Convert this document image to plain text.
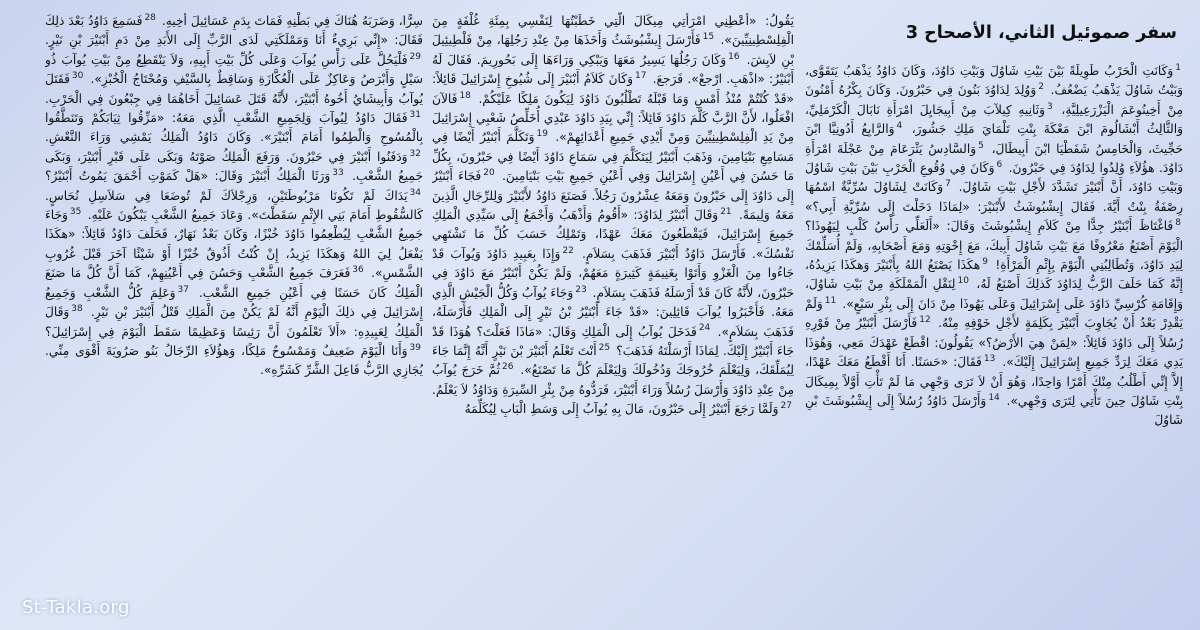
سفر صموئيل الثاني، الأصحاح 3
$^1$وَكَانَتِ الْحَرْبُ طَوِيلَةً بَيْنَ بَيْتِ شَاوُلَ وَبَيْتِ دَاوُدَ، وَكَانَ دَاوُدُ يَذْهَبُ يَتَقَوَّى، وَبَيْتُ شَاوُلَ يَذْهَبُ يَضْعُفُ. $^2$وَوُلِدَ لِدَاوُدَ بَنُونَ فِي حَبْرُونَ. وَكَانَ بِكْرُهُ أَمْنُونَ مِنْ أَخِينُوعَمَ الْيَزْرَعِيلِيَّةِ، $^3$وَثَانِيهِ كِيلآبَ مِنْ أَبِيجَايِلَ امْرَأَةِ نَابَالَ الْكَرْمَلِيِّ، وَالثَّالِثُ أَبْشَالُومَ ابْنَ مَعْكَةَ بِنْتِ تَلْمَايَ مَلِكِ جَشُورَ، $^4$وَالرَّابِعُ أَدُونِيَّا ابْنَ حَجِّيثَ، وَالْخَامِسُ شَفَطْيَا ابْنَ أَبِيطَالَ، $^5$وَالسَّادِسُ يَثْرَعَامَ مِنْ عَجْلَةَ امْرَأَةِ دَاوُدَ. هؤُلاَءِ وُلِدُوا لِدَاوُدَ فِي حَبْرُونَ. $^6$وَكَانَ فِي وُقُوعِ الْحَرْبِ بَيْنَ بَيْتِ شَاوُلَ وَبَيْتِ دَاوُدَ، أَنَّ أَبْنَيْرَ تَشَدَّدَ لأَجْلِ بَيْتِ شَاوُلَ. $^7$وَكَانَتْ لِشَاوُلَ سُرِّيَّةٌ اسْمُهَا رِصْفَةُ بِنْتُ أَيَّةَ. فَقَالَ إِيشْبُوشَثُ لأَبْنَيْرَ: «لِمَاذَا دَخَلْتَ إِلَى سُرِّيَّةِ أَبِي؟» $^8$فَاغْتَاظَ أَبْنَيْرُ جِدًّا مِنْ كَلاَمِ إِيشْبُوشَثَ وَقَالَ: «أَلَعَلِّي رَأْسُ كَلْبٍ لِيَهُوذَا؟ الْيَوْمَ أَصْنَعُ مَعْرُوفًا مَعَ بَيْتِ شَاوُلَ أَبِيكَ، مَعَ إِخْوَتِهِ وَمَعَ أَصْحَابِهِ، وَلَمْ أُسَلِّمْكَ لِيَدِ دَاوُدَ، وَتُطَالِبُنِي الْيَوْمَ بِإِثْمِ الْمَرْأَةِ! $^9$هكَذَا يَصْنَعُ اللهُ بِأَبْنَيْرَ وَهكَذَا يَزِيدُهُ، إِنَّهُ كَمَا حَلَفَ الرَّبُّ لِدَاوُدَ كَذلِكَ أَصْنَعُ لَهُ، $^{10}$لِنَقْلِ الْمَمْلَكَةِ مِنْ بَيْتِ شَاوُلَ، وَإِقَامَةِ كُرْسِيِّ دَاوُدَ عَلَى إِسْرَائِيلَ وَعَلَى يَهُوذَا مِنْ دَانَ إِلَى بِئْرِ سَبْعٍ». $^{11}$وَلَمْ يَقْدِرْ بَعْدُ أَنْ يُجَاوِبَ أَبْنَيْرَ بِكَلِمَةٍ لأَجْلِ خَوْفِهِ مِنْهُ. $^{12}$فَأَرْسَلَ أَبْنَيْرُ مِنْ فَوْرِهِ رُسُلاً إِلَى دَاوُدَ قَائِلاً: «لِمَنْ هِيَ الأَرْضُ؟» يَقُولُونَ: اقْطَعْ عَهْدَكَ مَعِي، وَهُوَذَا يَدِي مَعَكَ لِرَدِّ جَمِيعِ إِسْرَائِيلَ إِلَيْكَ». $^{13}$فَقَالَ: «حَسَنًا. أَنَا أَقْطَعُ مَعَكَ عَهْدًا، إِلاَّ إِنِّي أَطْلُبُ مِنْكَ أَمْرًا وَاحِدًا، وَهُوَ أَنْ لاَ تَرَى وَجْهِي مَا لَمْ تَأْتِ أَوَّلاً بِمِيكَالَ بِنْتِ شَاوُلَ حِينَ تَأْتِي لِتَرَى وَجْهِي». $^{14}$وَأَرْسَلَ دَاوُدُ رُسُلاً إِلَى إِيشْبُوشَثَ بْنِ شَاوُلَ
يَقُولُ: «أَعْطِنِي امْرَأَتِي مِيكَالَ الَّتِي خَطَبْتُهَا لِنَفْسِي بِمِئَةِ غُلْفَةٍ مِنَ الْفِلِسْطِينِيِّينَ». $^{15}$فَأَرْسَلَ إِيشْبُوشَثُ وَأَخَذَهَا مِنْ عِنْدِ رَجُلِهَا، مِنْ فَلْطِيئِيلَ بْنِ لاَيِشَ. $^{16}$وَكَانَ رَجُلُهَا يَسِيرُ مَعَهَا وَيَبْكِي وَرَاءَهَا إِلَى بَحُورِيمَ. فَقَالَ لَهُ أَبْنَيْرُ: «اذْهَبِ. ارْجعْ». فَرَجعَ. $^{17}$وَكَانَ كَلاَمُ أَبْنَيْرَ إِلَى شُيُوخِ إِسْرَائِيلَ قَائِلاً: «قَدْ كُنْتُمْ مُنْذُ أَمْسِ وَمَا قَبْلَهُ تَطْلُبُونَ دَاوُدَ لِيَكُونَ مَلِكًا عَلَيْكُمْ. $^{18}$فَالآنَ افْعَلُوا، لأَنَّ الرَّبَّ كَلَّمَ دَاوُدَ قَائِلاً: إِنِّي بِيَدِ دَاوُدَ عَبْدِي أُخَلِّصُ شَعْبِي إِسْرَائِيلَ مِنْ يَدِ الْفِلِسْطِينِيِّينَ وَمِنْ أَيْدِي جَمِيعِ أَعْدَائِهِمْ». $^{19}$وَتَكَلَّمَ أَبْنَيْرُ أَيْضًا فِي مَسَامِعِ بَنْيَامِينَ، وَذَهَبَ أَبْنَيْرُ لِيَتَكَلَّمَ فِي سَمَاعِ دَاوُدَ أَيْضًا فِي حَبْرُونَ، بِكُلِّ مَا حَسُنَ فِي أَعْيُنِ إِسْرَائِيلَ وَفِي أَعْيُنِ جَمِيعِ بَيْتِ بَنْيَامِينَ. $^{20}$فَجَاءَ أَبْنَيْرُ إِلَى دَاوُدَ إِلَى حَبْرُونَ وَمَعَهُ عِشْرُونَ رَجُلاً. فَصَنَعَ دَاوُدُ لأَبْنَيْرَ وَلِلرِّجَالِ الَّذِينَ مَعَهُ وَلِيمَةً. $^{21}$وَقَالَ أَبْنَيْرُ لِدَاوُدَ: «أَقُومُ وَأَذْهَبُ وَأَجْمَعُ إِلَى سَيِّدِي الْمَلِكِ جَمِيعَ إِسْرَائِيلَ، فَيَقْطَعُونَ مَعَكَ عَهْدًا، وَتَمْلِكُ حَسَبَ كُلِّ مَا تَشْتَهِي نَفْسُكَ». فَأَرْسَلَ دَاوُدُ أَبْنَيْرَ فَذَهَبَ بِسَلاَمٍ. $^{22}$وَإِذَا بِعَبِيدِ دَاوُدَ وَيُوآبَ قَدْ جَاءُوا مِنَ الْغَزْوِ وَأَتَوْا بِغَنِيمَةٍ كَثِيرَةٍ مَعَهُمْ، وَلَمْ يَكُنْ أَبْنَيْرُ مَعَ دَاوُدَ فِي حَبْرُونَ، لأَنَّهُ كَانَ قَدْ أَرْسَلَهُ فَذَهَبَ بِسَلاَمٍ. $^{23}$وَجَاءَ يُوآبُ وَكُلُّ الْجَيْشِ الَّذِي مَعَهُ. فَأَخْبَرُوا يُوآبَ قَائِلِينَ: «قَدْ جَاءَ أَبْنَيْرُ بْنُ نَيْرٍ إِلَى الْمَلِكِ فَأَرْسَلَهُ، فَذَهَبَ بِسَلاَمٍ». $^{24}$فَدَخَلَ يُوآبُ إِلَى الْمَلِكِ وَقَالَ: «مَاذَا فَعَلْتَ؟ هُوَذَا قَدْ جَاءَ أَبْنَيْرُ إِلَيْكَ. لِمَاذَا أَرْسَلْتَهُ فَذَهَبَ؟ $^{25}$أَنْتَ تَعْلَمُ أَبْنَيْرَ بْنَ نَيْرٍ أَنَّهُ إِنَّمَا جَاءَ لِيُمَلِّقَكَ، وَلِيَعْلَمَ خُرُوجَكَ وَدُخُولَكَ وَلِيَعْلَمَ كُلَّ مَا تَصْنَعُ». $^{26}$ثُمَّ خَرَجَ يُوآبُ مِنْ عِنْدِ دَاوُدَ وَأَرْسَلَ رُسُلاً وَرَاءَ أَبْنَيْرَ، فَرَدُّوهُ مِنْ بِئْرِ السِّيرَةِ وَدَاوُدُ لاَ يَعْلَمُ. $^{27}$وَلَمَّا رَجَعَ أَبْنَيْرُ إِلَى حَبْرُونَ، مَالَ بِهِ يُوآبُ إِلَى وَسَطِ الْبَابِ لِيُكَلِّمَهُ
سِرًّا، وَضَرَبَهُ هُنَاكَ فِي بَطْنِهِ فَمَاتَ بِدَمِ عَسَائِيلَ أَخِيهِ. $^{28}$فَسَمِعَ دَاوُدُ بَعْدَ ذلِكَ فَقَالَ: «إِنِّي بَرِيءٌ أَنَا وَمَمْلَكَتِي لَدَى الرَّبِّ إِلَى الأَبَدِ مِنْ دَمِ أَبْنَيْرَ بْنِ نَيْرٍ. $^{29}$فَلْيَحُلَّ عَلَى رَأْسِ يُوآبَ وَعَلَى كُلِّ بَيْتِ أَبِيهِ، وَلاَ يَنْقَطِعُ مِنْ بَيْتِ يُوآبَ ذُو سَيْلٍ وَأَبْرَصُ وَعَاكِزٌ عَلَى الْعُكَّازَةِ وَسَاقِطٌ بِالسَّيْفِ وَمُحْتَاجُ الْخُبْزِ». $^{30}$فَقَتَلَ يُوآبُ وَأَبِيشَايُ أَخُوهُ أَبْنَيْرَ، لأَنَّهُ قَتَلَ عَسَائِيلَ أَخَاهُمَا فِي جِبْعُونَ فِي الْحَرْبِ. $^{31}$فَقَالَ دَاوُدُ لِيُوآبَ وَلِجَمِيعِ الشَّعْبِ الَّذِي مَعَهُ: «مَزِّقُوا ثِيَابَكُمْ وَتَنَطَّقُوا بِالْمُسُوحِ وَالْطِمُوا أَمَامَ أَبْنَيْرَ». وَكَانَ دَاوُدُ الْمَلِكُ يَمْشِي وَرَاءَ النَّعْشِ. $^{32}$وَدَفَنُوا أَبْنَيْرَ فِي حَبْرُونَ. وَرَفَعَ الْمَلِكُ صَوْتَهُ وَبَكَى عَلَى قَبْرِ أَبْنَيْرَ، وَبَكَى جَمِيعُ الشَّعْبِ. $^{33}$وَرَثَا الْمَلِكُ أَبْنَيْرَ وَقَالَ: «هَلْ كَمَوْتِ أَحْمَقَ يَمُوتُ أَبْنَيْرُ؟ $^{34}$يَدَاكَ لَمْ تَكُونَا مَرْبُوطَتَيْنِ، وَرِجْلاَكَ لَمْ تُوضَعَا فِي سَلاَسِلِ نُحَاسٍ. كَالسُّقُوطِ أَمَامَ بَنِي الإِثْمِ سَقَطْتَ». وَعَادَ جَمِيعُ الشَّعْبِ يَبْكُونَ عَلَيْهِ. $^{35}$وَجَاءَ جَمِيعُ الشَّعْبِ لِيُطْعِمُوا دَاوُدَ خُبْزًا، وَكَانَ بَعْدُ نَهَارٌ، فَحَلَفَ دَاوُدُ قَائِلاً: «هكَذَا يَفْعَلُ لِيَ اللهُ وَهكَذَا يَزِيدُ، إِنْ كُنْتُ أَذُوقُ خُبْزًا أَوْ شَيْئًا آخَرَ قَبْلَ غُرُوبِ الشَّمْسِ». $^{36}$فَعَرَفَ جَمِيعُ الشَّعْبِ وَحَسُنَ فِي أَعْيُنِهِمْ، كَمَا أَنَّ كُلَّ مَا صَنَعَ الْمَلِكُ كَانَ حَسَنًا فِي أَعْيُنِ جَمِيعِ الشَّعْبِ. $^{37}$وَعَلِمَ كُلُّ الشَّعْبِ وَجَمِيعُ إِسْرَائِيلَ فِي ذلِكَ الْيَوْمِ أَنَّهُ لَمْ يَكُنْ مِنَ الْمَلِكِ قَتْلُ أَبْنَيْرَ بْنِ نَيْرٍ. $^{38}$وَقَالَ الْمَلِكُ لِعَبِيدِهِ: «أَلاَ تَعْلَمُونَ أَنَّ رَئِيسًا وَعَظِيمًا سَقَطَ الْيَوْمَ فِي إِسْرَائِيلَ؟ $^{39}$وَأَنَا الْيَوْمَ ضَعِيفٌ وَمَمْسُوحٌ مَلِكًا، وَهؤُلاَءِ الرِّجَالُ بَنُو صَرُويَةَ أَقْوَى مِنِّي. يُجَازِي الرَّبُّ فَاعِلَ الشَّرِّ كَشَرِّهِ».
St-Takla.org
